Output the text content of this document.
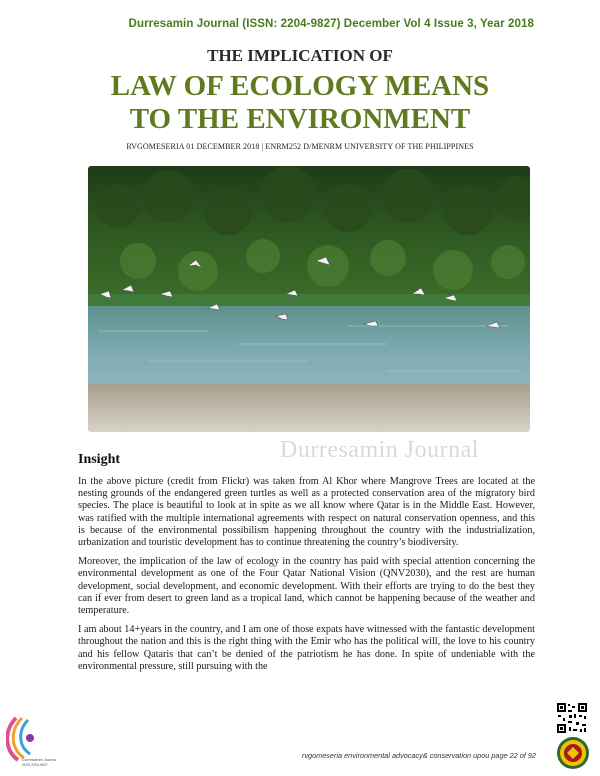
Durresamin Journal (ISSN: 2204-9827) December Vol 4 Issue 3, Year 2018
THE IMPLICATION OF
LAW OF ECOLOGY MEANS
TO THE ENVIRONMENT
RVGOMESERIA 01 DECEMBER 2018 | ENRM252 D/MENRM UNIVERSITY OF THE PHILIPPINES
Durresamin Journal
Insight

In the above picture (credit from Flickr) was taken from Al Khor where Mangrove Trees are located at the nesting grounds of the endangered green turtles as well as a protected conservation area of the migratory bird species. The place is beautiful to look at in spite as we all know where Qatar is in the Middle East. However, was ratified with the multiple international agreements with respect on natural conservation openness, and this is because of the environmental possibilism happening throughout the country with the industrialization, urbanization and touristic development has to continue threatening the country’s biodiversity.

Moreover, the implication of the law of ecology in the country has paid with special attention concerning the environmental development as one of the Four Qatar National Vision (QNV2030), and the rest are human development, social development, and economic development. With their efforts are trying to do the best they can if ever from desert to green land as a tropical land, which cannot be happening because of the weather and temperature.

I am about 14+years in the country, and I am one of those expats have witnessed with the fantastic development throughout the nation and this is the right thing with the Emir who has the political will, the love to his country and his fellow Qataris that can’t be denied of the patriotism he has done. In spite of undeniable with the environmental pressure, still pursuing with the

Durresamin Journal
ISSN 2204-9827
rvgomeseria environmental advocacy& conservation upou page 22 of 92
